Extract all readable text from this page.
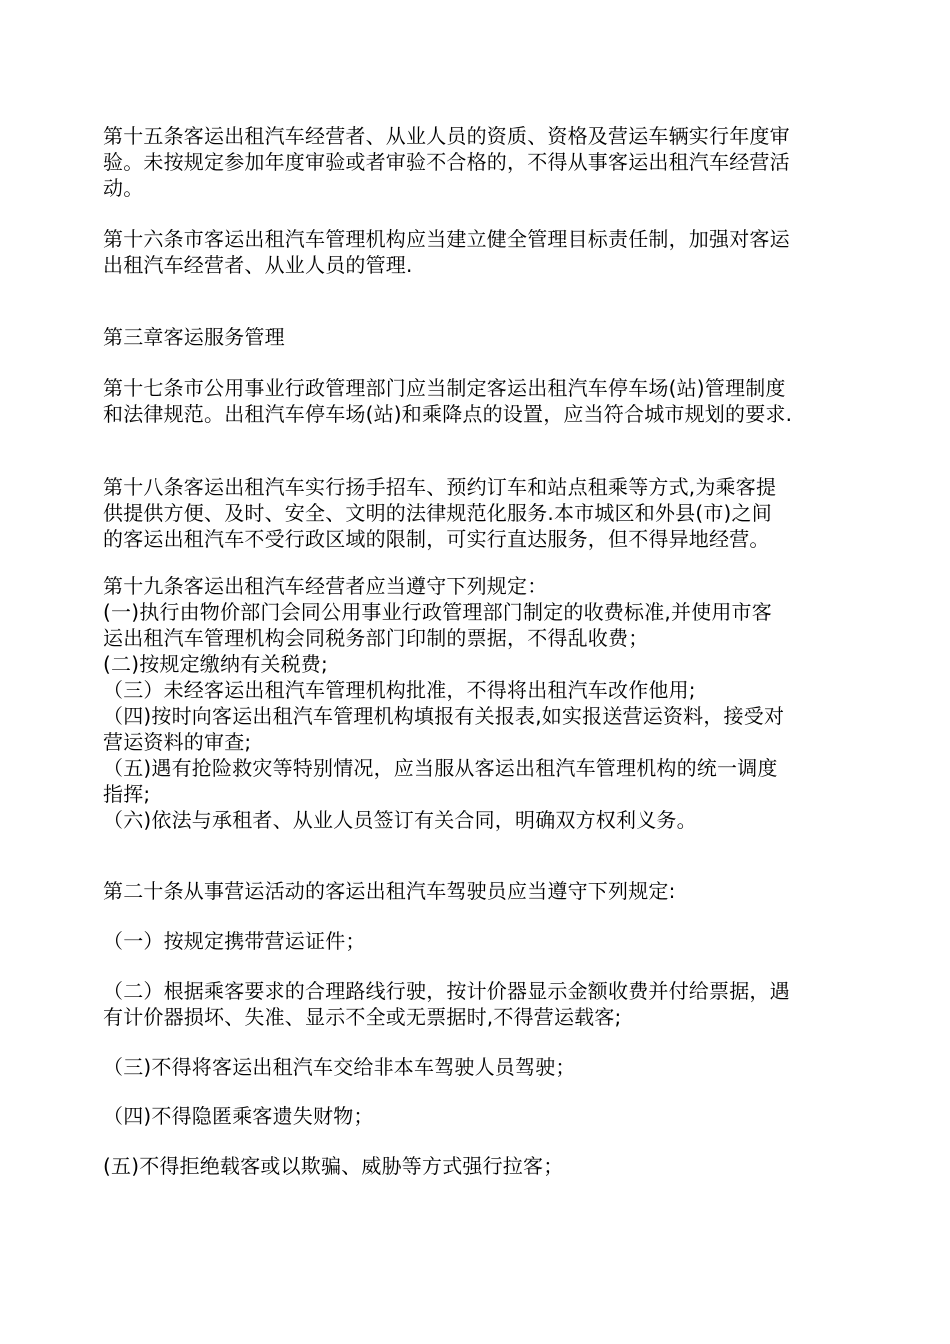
第十五条客运出租汽车经营者、从业人员的资质、资格及营运车辆实行年度审
验。未按规定参加年度审验或者审验不合格的，不得从事客运出租汽车经营活
动。
第十六条市客运出租汽车管理机构应当建立健全管理目标责任制，加强对客运
出租汽车经营者、从业人员的管理.
第三章客运服务管理
第十七条市公用事业行政管理部门应当制定客运出租汽车停车场(站)管理制度
和法律规范。出租汽车停车场(站)和乘降点的设置，应当符合城市规划的要求.
第十八条客运出租汽车实行扬手招车、预约订车和站点租乘等方式,为乘客提
供提供方便、及时、安全、文明的法律规范化服务.本市城区和外县(市)之间
的客运出租汽车不受行政区域的限制，可实行直达服务，但不得异地经营。
第十九条客运出租汽车经营者应当遵守下列规定：
(一)执行由物价部门会同公用事业行政管理部门制定的收费标准,并使用市客
运出租汽车管理机构会同税务部门印制的票据，不得乱收费；
(二)按规定缴纳有关税费;
（三）未经客运出租汽车管理机构批准，不得将出租汽车改作他用;
（四)按时向客运出租汽车管理机构填报有关报表,如实报送营运资料，接受对
营运资料的审查;
（五)遇有抢险救灾等特别情况，应当服从客运出租汽车管理机构的统一调度
指挥;
（六)依法与承租者、从业人员签订有关合同，明确双方权利义务。
第二十条从事营运活动的客运出租汽车驾驶员应当遵守下列规定:
（一）按规定携带营运证件；
（二）根据乘客要求的合理路线行驶，按计价器显示金额收费并付给票据，遇
有计价器损坏、失准、显示不全或无票据时,不得营运载客;
（三)不得将客运出租汽车交给非本车驾驶人员驾驶；
（四)不得隐匿乘客遗失财物；
(五)不得拒绝载客或以欺骗、威胁等方式强行拉客；
